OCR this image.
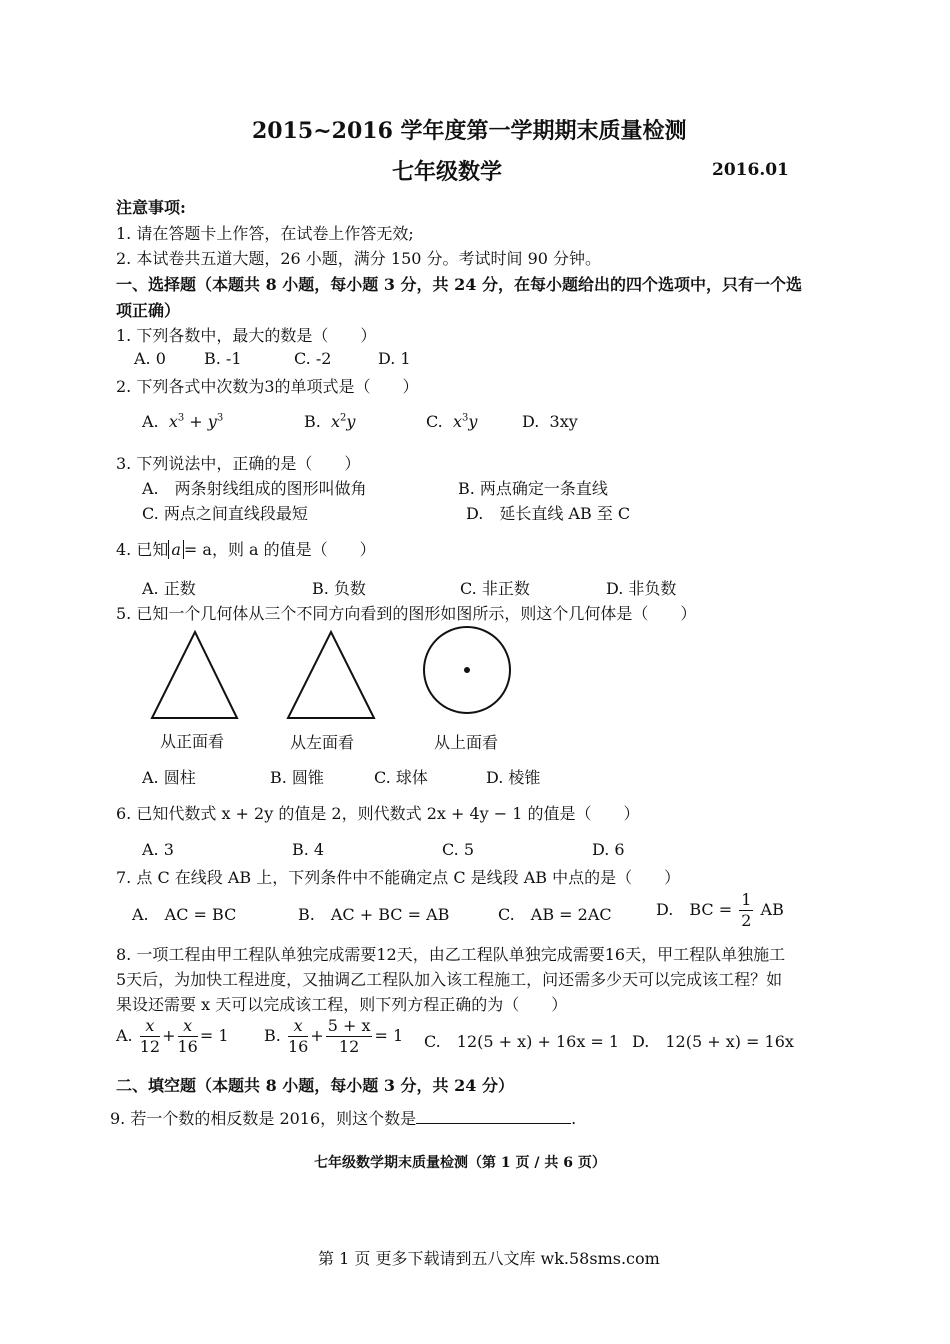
2015~2016 学年度第一学期期末质量检测
七年级数学	2016.01
注意事项:
1. 请在答题卡上作答，在试卷上作答无效;
2. 本试卷共五道大题，26 小题，满分 150 分。考试时间 90 分钟。
一、选择题（本题共 8 小题，每小题 3 分，共 24 分，在每小题给出的四个选项中，只有一个选
项正确）
1. 下列各数中，最大的数是（　　）
A. 0 B. -1	C. -2	D. 1
2. 下列各式中次数为3的单项式是（　　）
A. $x^3 + y^3$	B. $x^2y$	C. $x^3y$	D. 3xy
3. 下列说法中，正确的是（　　）
A.　两条射线组成的图形叫做角	B. 两点确定一条直线
C. 两点之间直线段最短	D.　延长直线 AB 至 C
4. 已知 a = a，则 a 的值是（　　）
A. 正数	B. 负数	C. 非正数	D. 非负数
5. 已知一个几何体从三个不同方向看到的图形如图所示，则这个几何体是（　　）
从正面看	从左面看	从上面看
A. 圆柱	B. 圆锥	C. 球体	D. 棱锥
6. 已知代数式 x + 2y 的值是 2，则代数式 2x + 4y − 1 的值是（　　）
A. 3	B. 4	C. 5	D. 6
7. 点 C 在线段 AB 上，下列条件中不能确定点 C 是线段 AB 中点的是（　　）
A.　AC = BC	B.　AC + BC = AB	C.　AB = 2AC	D.　BC = $\frac{1}{2}$ AB
8. 一项工程由甲工程队单独完成需要12天，由乙工程队单独完成需要16天，甲工程队单独施工
5天后，为加快工程进度，又抽调乙工程队加入该工程施工，问还需多少天可以完成该工程？如
果设还需要 x 天可以完成该工程，则下列方程正确的为（　　）
A. $\frac{x}{12} + \frac{x}{16} = 1$ B. $\frac{x}{16} + \frac{5 + x}{12} = 1$ C.　12(5 + x) + 16x = 1 D.　12(5 + x) = 16x
二、填空题（本题共 8 小题，每小题 3 分，共 24 分）
9. 若一个数的相反数是 2016，则这个数是	.
七年级数学期末质量检测（第 1 页 / 共 6 页）
第 1 页 更多下载请到五八文库 wk.58sms.com
